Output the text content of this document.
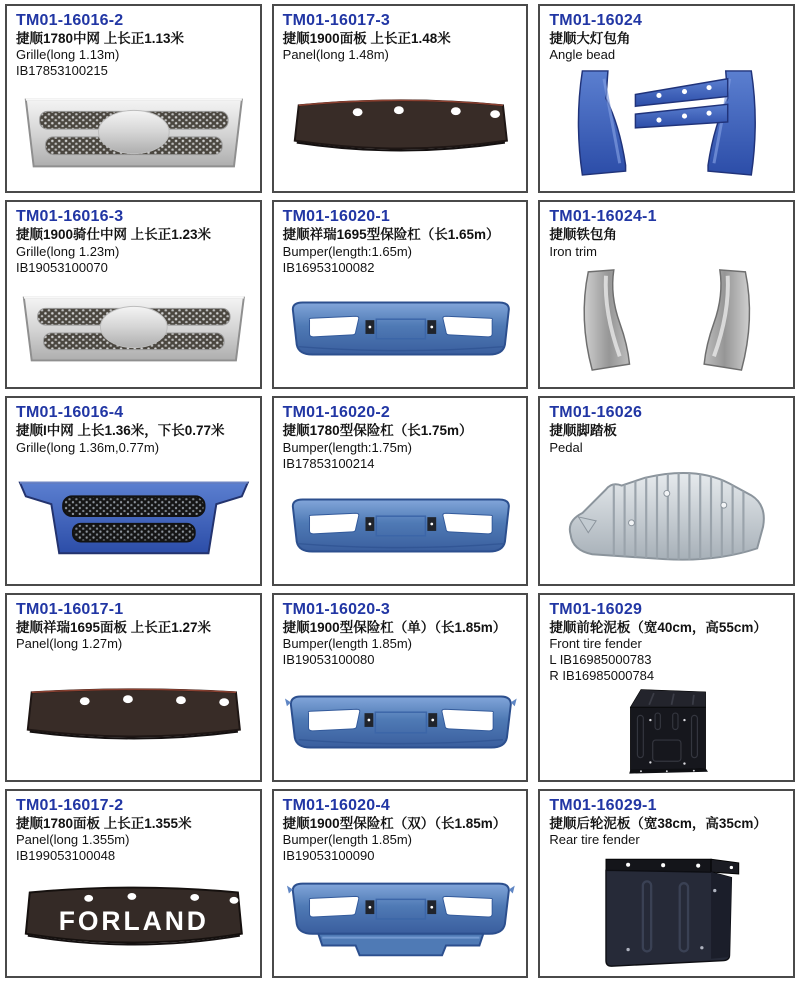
TM01-16016-2

捷顺1780中网 上长正1.13米

Grille(long 1.13m)

IB17853100215

TM01-16017-3

捷顺1900面板 上长正1.48米

Panel(long 1.48m)

TM01-16024

捷顺大灯包角

Angle bead

TM01-16016-3

捷顺1900骑仕中网 上长正1.23米

Grille(long 1.23m)

IB19053100070

TM01-16020-1

捷顺祥瑞1695型保险杠（长1.65m）

Bumper(length:1.65m)

IB16953100082

TM01-16024-1

捷顺铁包角

Iron trim

TM01-16016-4

捷顺I中网 上长1.36米，下长0.77米

Grille(long 1.36m,0.77m)

TM01-16020-2

捷顺1780型保险杠（长1.75m）

Bumper(length:1.75m)

IB17853100214

TM01-16026

捷顺脚踏板

Pedal

TM01-16017-1

捷顺祥瑞1695面板 上长正1.27米

Panel(long 1.27m)

TM01-16020-3

捷顺1900型保险杠（单）（长1.85m）

Bumper(length 1.85m)

IB19053100080

TM01-16029

捷顺前轮泥板（宽40cm，高55cm）

Front tire fender

L IB16985000783

R IB16985000784

TM01-16017-2

捷顺1780面板 上长正1.355米

Panel(long 1.355m)

IB199053100048

FORLAND
TM01-16020-4

捷顺1900型保险杠（双）（长1.85m）

Bumper(length 1.85m)

IB19053100090

TM01-16029-1

捷顺后轮泥板（宽38cm，高35cm）

Rear tire fender
